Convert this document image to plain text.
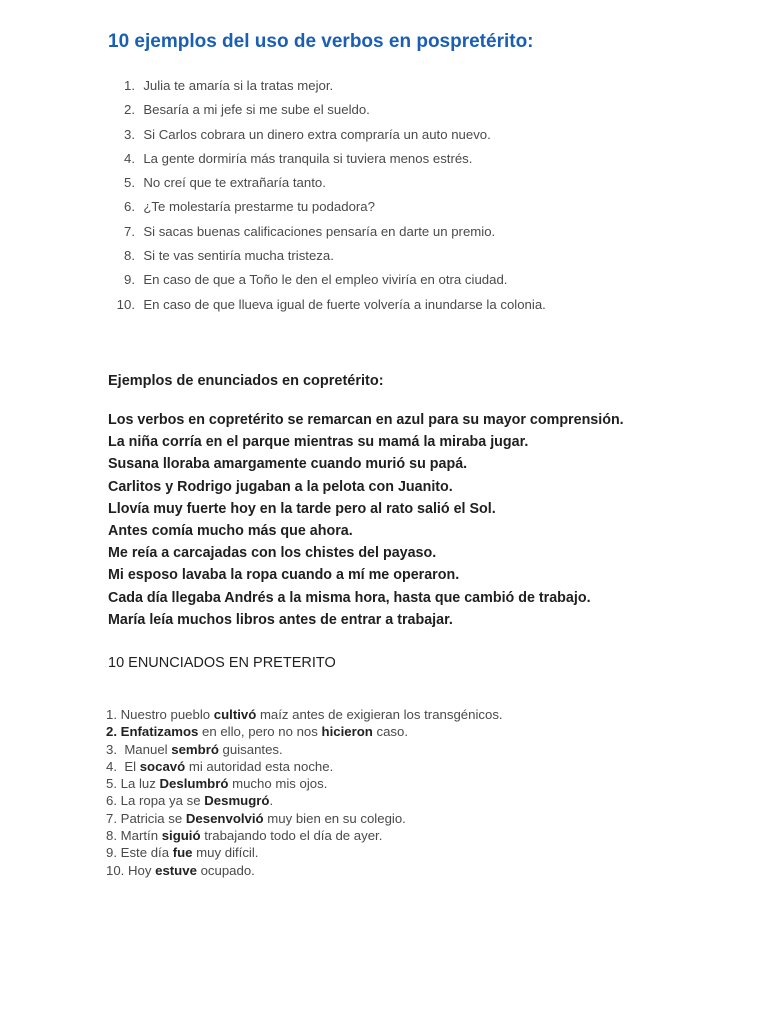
10 ejemplos del uso de verbos en pospretérito:
1.
Julia te amaría si la tratas mejor.
2.
Besaría a mi jefe si me sube el sueldo.
3.
Si Carlos cobrara un dinero extra compraría un auto nuevo.
4.
La gente dormiría más tranquila si tuviera menos estrés.
5.
No creí que te extrañaría tanto.
6.
¿Te molestaría prestarme tu podadora?
7.
Si sacas buenas calificaciones pensaría en darte un premio.
8.
Si te vas sentiría mucha tristeza.
9.
En caso de que a Toño le den el empleo viviría en otra ciudad.
10.
En caso de que llueva igual de fuerte volvería a inundarse la colonia.
Ejemplos de enunciados en copretérito:
Los verbos en copretérito se remarcan en azul para su mayor comprensión.
La niña corría en el parque mientras su mamá la miraba jugar.
Susana lloraba amargamente cuando murió su papá.
Carlitos y Rodrigo jugaban a la pelota con Juanito.
Llovía muy fuerte hoy en la tarde pero al rato salió el Sol.
Antes comía mucho más que ahora.
Me reía a carcajadas con los chistes del payaso.
Mi esposo lavaba la ropa cuando a mí me operaron.
Cada día llegaba Andrés a la misma hora, hasta que cambió de trabajo.
María leía muchos libros antes de entrar a trabajar.
10 ENUNCIADOS EN PRETERITO
1. Nuestro pueblo cultivó maíz antes de exigieran los transgénicos.
2. Enfatizamos en ello, pero no nos hicieron caso.
3.  Manuel sembró guisantes.
4.  El socavó mi autoridad esta noche.
5. La luz Deslumbró mucho mis ojos.
6. La ropa ya se Desmugró.
7. Patricia se Desenvolvió muy bien en su colegio.
8. Martín siguió trabajando todo el día de ayer.
9. Este día fue muy difícil.
10. Hoy estuve ocupado.
